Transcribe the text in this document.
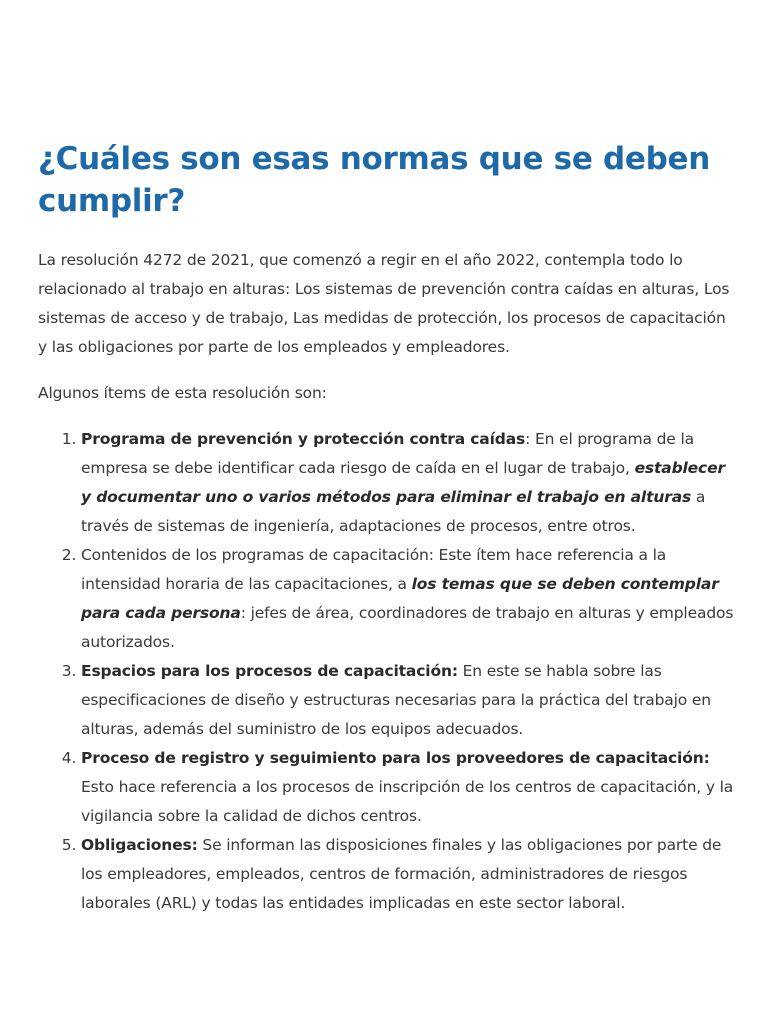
¿Cuáles son esas normas que se deben cumplir?

La resolución 4272 de 2021, que comenzó a regir en el año 2022, contempla todo lo relacionado al trabajo en alturas: Los sistemas de prevención contra caídas en alturas, Los sistemas de acceso y de trabajo, Las medidas de protección, los procesos de capacitación y las obligaciones por parte de los empleados y empleadores.

Algunos ítems de esta resolución son:

1. Programa de prevención y protección contra caídas: En el programa de la empresa se debe identificar cada riesgo de caída en el lugar de trabajo, establecer y documentar uno o varios métodos para eliminar el trabajo en alturas a través de sistemas de ingeniería, adaptaciones de procesos, entre otros.
2. Contenidos de los programas de capacitación: Este ítem hace referencia a la intensidad horaria de las capacitaciones, a los temas que se deben contemplar para cada persona: jefes de área, coordinadores de trabajo en alturas y empleados autorizados.
3. Espacios para los procesos de capacitación: En este se habla sobre las especificaciones de diseño y estructuras necesarias para la práctica del trabajo en alturas, además del suministro de los equipos adecuados.
4. Proceso de registro y seguimiento para los proveedores de capacitación: Esto hace referencia a los procesos de inscripción de los centros de capacitación, y la vigilancia sobre la calidad de dichos centros.
5. Obligaciones: Se informan las disposiciones finales y las obligaciones por parte de los empleadores, empleados, centros de formación, administradores de riesgos laborales (ARL) y todas las entidades implicadas en este sector laboral.
